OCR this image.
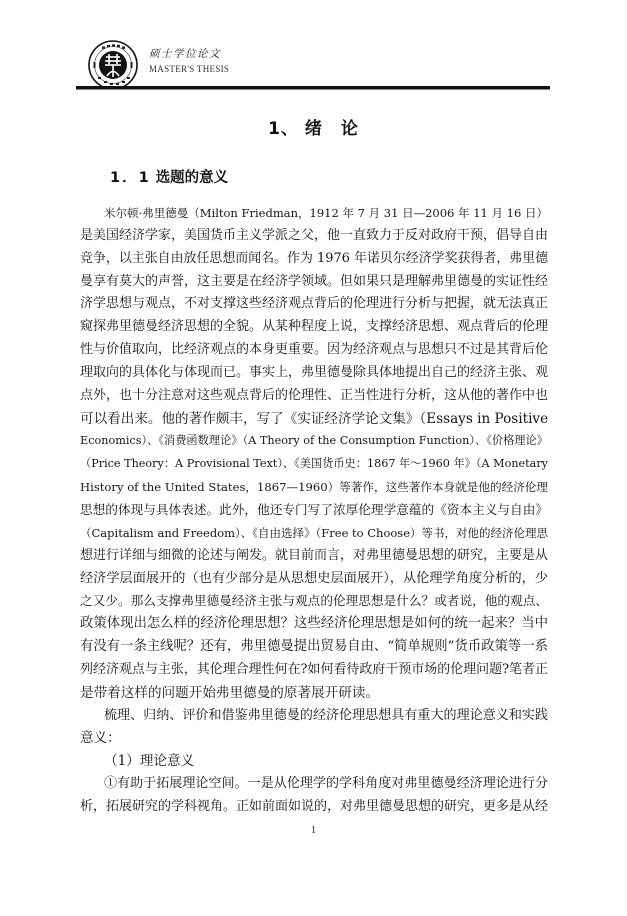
硕士学位论文
MASTER'S THESIS
1、 绪 论
1．1 选题的意义
米尔顿·弗里德曼（Milton Friedman，1912 年 7 月 31 日—2006 年 11 月 16 日）
是美国经济学家，美国货币主义学派之父，他一直致力于反对政府干预，倡导自由
竞争，以主张自由放任思想而闻名。作为 1976 年诺贝尔经济学奖获得者，弗里德
曼享有莫大的声誉，这主要是在经济学领域。但如果只是理解弗里德曼的实证性经
济学思想与观点，不对支撑这些经济观点背后的伦理进行分析与把握，就无法真正
窥探弗里德曼经济思想的全貌。从某种程度上说，支撑经济思想、观点背后的伦理
性与价值取向，比经济观点的本身更重要。因为经济观点与思想只不过是其背后伦
理取向的具体化与体现而已。事实上，弗里德曼除具体地提出自己的经济主张、观
点外，也十分注意对这些观点背后的伦理性、正当性进行分析，这从他的著作中也
可以看出来。他的著作颇丰，写了《实证经济学论文集》（Essays in Positive
Economics）、《消费函数理论》（A Theory of the Consumption Function）、《价格理论》
（Price Theory：A Provisional Text）、《美国货币史：1867 年～1960 年》（A Monetary
History of the United States，1867—1960）等著作，这些著作本身就是他的经济伦理
思想的体现与具体表述。此外，他还专门写了浓厚伦理学意蕴的《资本主义与自由》
（Capitalism and Freedom）、《自由选择》（Free to Choose）等书，对他的经济伦理思
想进行详细与细微的论述与阐发。就目前而言，对弗里德曼思想的研究，主要是从
经济学层面展开的（也有少部分是从思想史层面展开），从伦理学角度分析的，少
之又少。那么支撑弗里德曼经济主张与观点的伦理思想是什么？或者说，他的观点、
政策体现出怎么样的经济伦理思想？这些经济伦理思想是如何的统一起来？当中
有没有一条主线呢？还有，弗里德曼提出贸易自由、“简单规则”货币政策等一系
列经济观点与主张，其伦理合理性何在?如何看待政府干预市场的伦理问题?笔者正
是带着这样的问题开始弗里德曼的原著展开研读。
梳理、归纳、评价和借鉴弗里德曼的经济伦理思想具有重大的理论意义和实践
意义：
（1）理论意义
①有助于拓展理论空间。一是从伦理学的学科角度对弗里德曼经济理论进行分
析，拓展研究的学科视角。正如前面如说的，对弗里德曼思想的研究，更多是从经
1
